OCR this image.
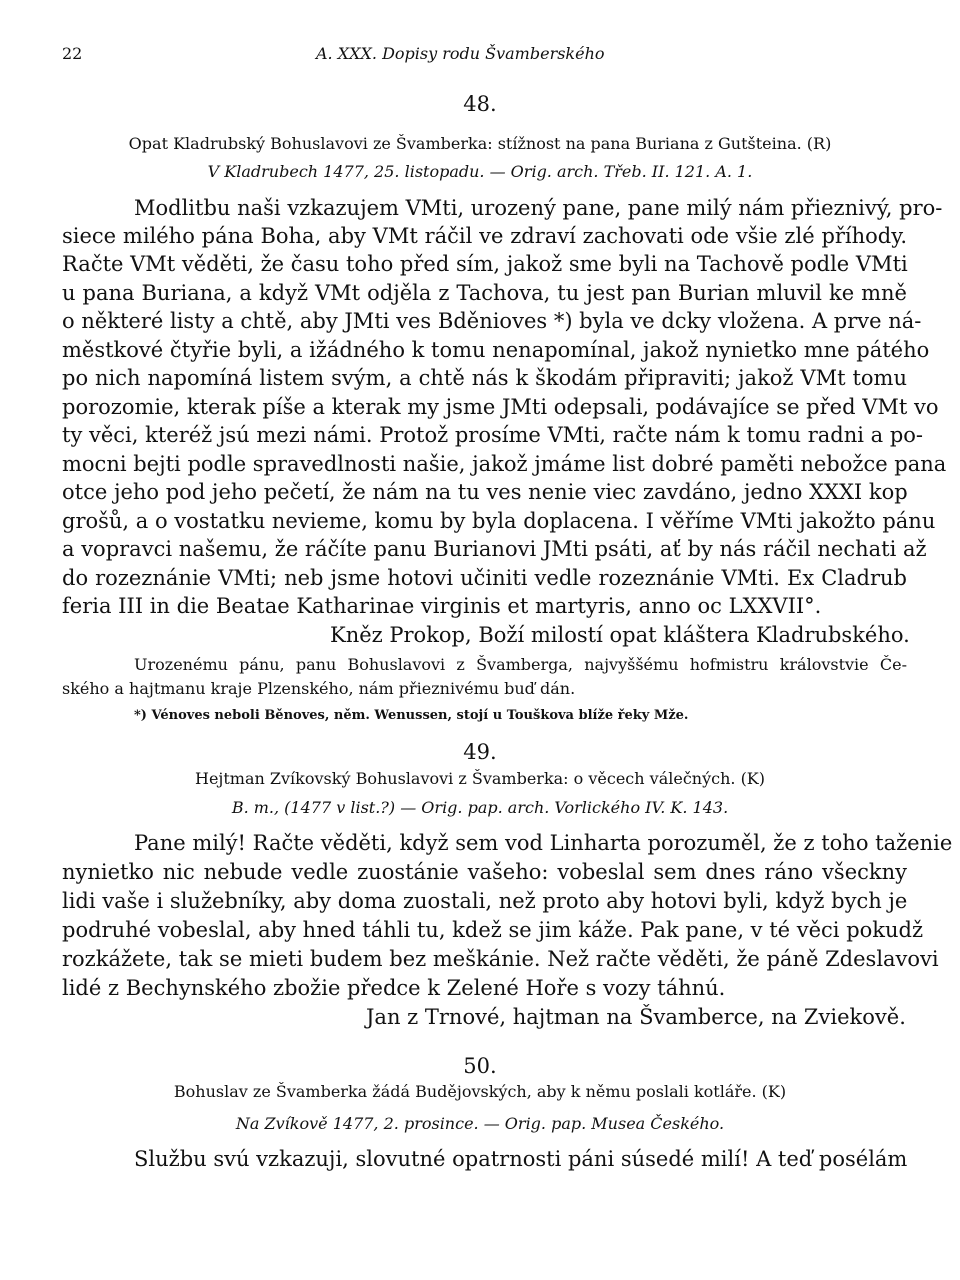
22	A. XXX. Dopisy rodu Švamberského
48.
Opat Kladrubský Bohuslavovi ze Švamberka: stížnost na pana Buriana z Gutšteina. (R)
V Kladrubech 1477, 25. listopadu. — Orig. arch. Třeb. II. 121. A. 1.
Modlitbu naši vzkazujem VMti, urozený pane, pane milý nám přieznivý, pro-
siece milého pána Boha, aby VMt ráčil ve zdraví zachovati ode všie zlé příhody.
Račte VMt věděti, že času toho před sím, jakož sme byli na Tachově podle VMti
u pana Buriana, a když VMt odjěla z Tachova, tu jest pan Burian mluvil ke mně
o některé listy a chtě, aby JMti ves Bděnioves *) byla ve dcky vložena. A prve ná-
městkové čtyřie byli, a ižádného k tomu nenapomínal, jakož nynietko mne pátého
po nich napomíná listem svým, a chtě nás k škodám připraviti; jakož VMt tomu
porozomie, kterak píše a kterak my jsme JMti odepsali, podávajíce se před VMt vo
ty věci, kteréž jsú mezi námi. Protož prosíme VMti, račte nám k tomu radni a po-
mocni bejti podle spravedlnosti našie, jakož jmáme list dobré paměti nebožce pana
otce jeho pod jeho pečetí, že nám na tu ves nenie viec zavdáno, jedno XXXI kop
grošů, a o vostatku nevieme, komu by byla doplacena. I věříme VMti jakožto pánu
a vopravci našemu, že ráčíte panu Burianovi JMti psáti, ať by nás ráčil nechati až
do rozeznánie VMti; neb jsme hotovi učiniti vedle rozeznánie VMti. Ex Cladrub
feria III in die Beatae Katharinae virginis et martyris, anno oc LXXVII°.
Kněz Prokop, Boží milostí opat kláštera Kladrubského.
Urozenému pánu, panu Bohuslavovi z Švamberga, najvyššému hofmistru královstvie Če-
ského a hajtmanu kraje Plzenského, nám přieznivému buď dán.
*) Vénoves neboli Běnoves, něm. Wenussen, stojí u Touškova blíže řeky Mže.
49.
Hejtman Zvíkovský Bohuslavovi z Švamberka: o věcech válečných. (K)
B. m., (1477 v list.?) — Orig. pap. arch. Vorlického IV. K. 143.
Pane milý! Račte věděti, když sem vod Linharta porozuměl, že z toho taženie
nynietko nic nebude vedle zuostánie vašeho: vobeslal sem dnes ráno všeckny
lidi vaše i služebníky, aby doma zuostali, než proto aby hotovi byli, když bych je
podruhé vobeslal, aby hned táhli tu, kdež se jim káže. Pak pane, v té věci pokudž
rozkážete, tak se mieti budem bez meškánie. Než račte věděti, že páně Zdeslavovi
lidé z Bechynského zbožie předce k Zelené Hoře s vozy táhnú.
Jan z Trnové, hajtman na Švamberce, na Zviekově.
50.
Bohuslav ze Švamberka žádá Budějovských, aby k němu poslali kotláře. (K)
Na Zvíkově 1477, 2. prosince. — Orig. pap. Musea Českého.
Službu svú vzkazuji, slovutné opatrnosti páni súsedé milí! A teď posélám
